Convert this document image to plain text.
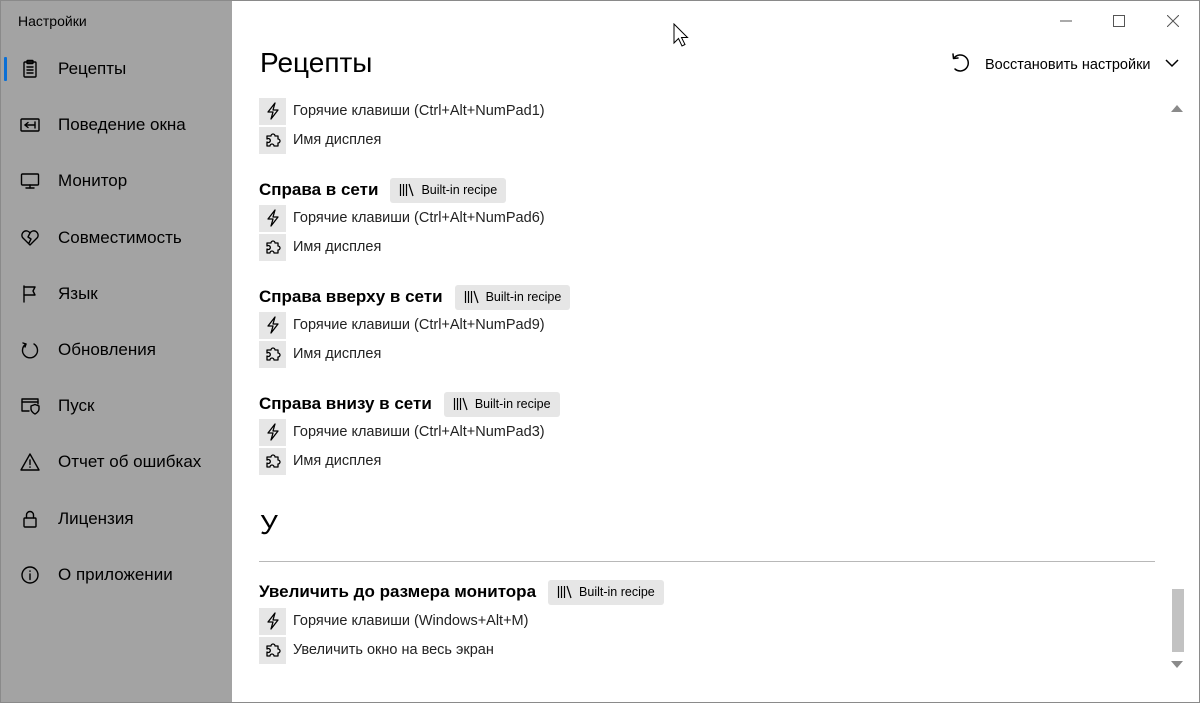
Настройки
Рецепты
Поведение окна
Монитор
Совместимость
Язык
Обновления
Пуск
Отчет об ошибках
Лицензия
О приложении
Рецепты	Восстановить настройки
Горячие клавиши (Ctrl+Alt+NumPad1)
Имя дисплея
Справа в сети	Built-in recipe
Горячие клавиши (Ctrl+Alt+NumPad6)
Имя дисплея
Справа вверху в сети	Built-in recipe
Горячие клавиши (Ctrl+Alt+NumPad9)
Имя дисплея
Справа внизу в сети	Built-in recipe
Горячие клавиши (Ctrl+Alt+NumPad3)
Имя дисплея
У
Увеличить до размера монитора	Built-in recipe
Горячие клавиши (Windows+Alt+M)
Увеличить окно на весь экран
